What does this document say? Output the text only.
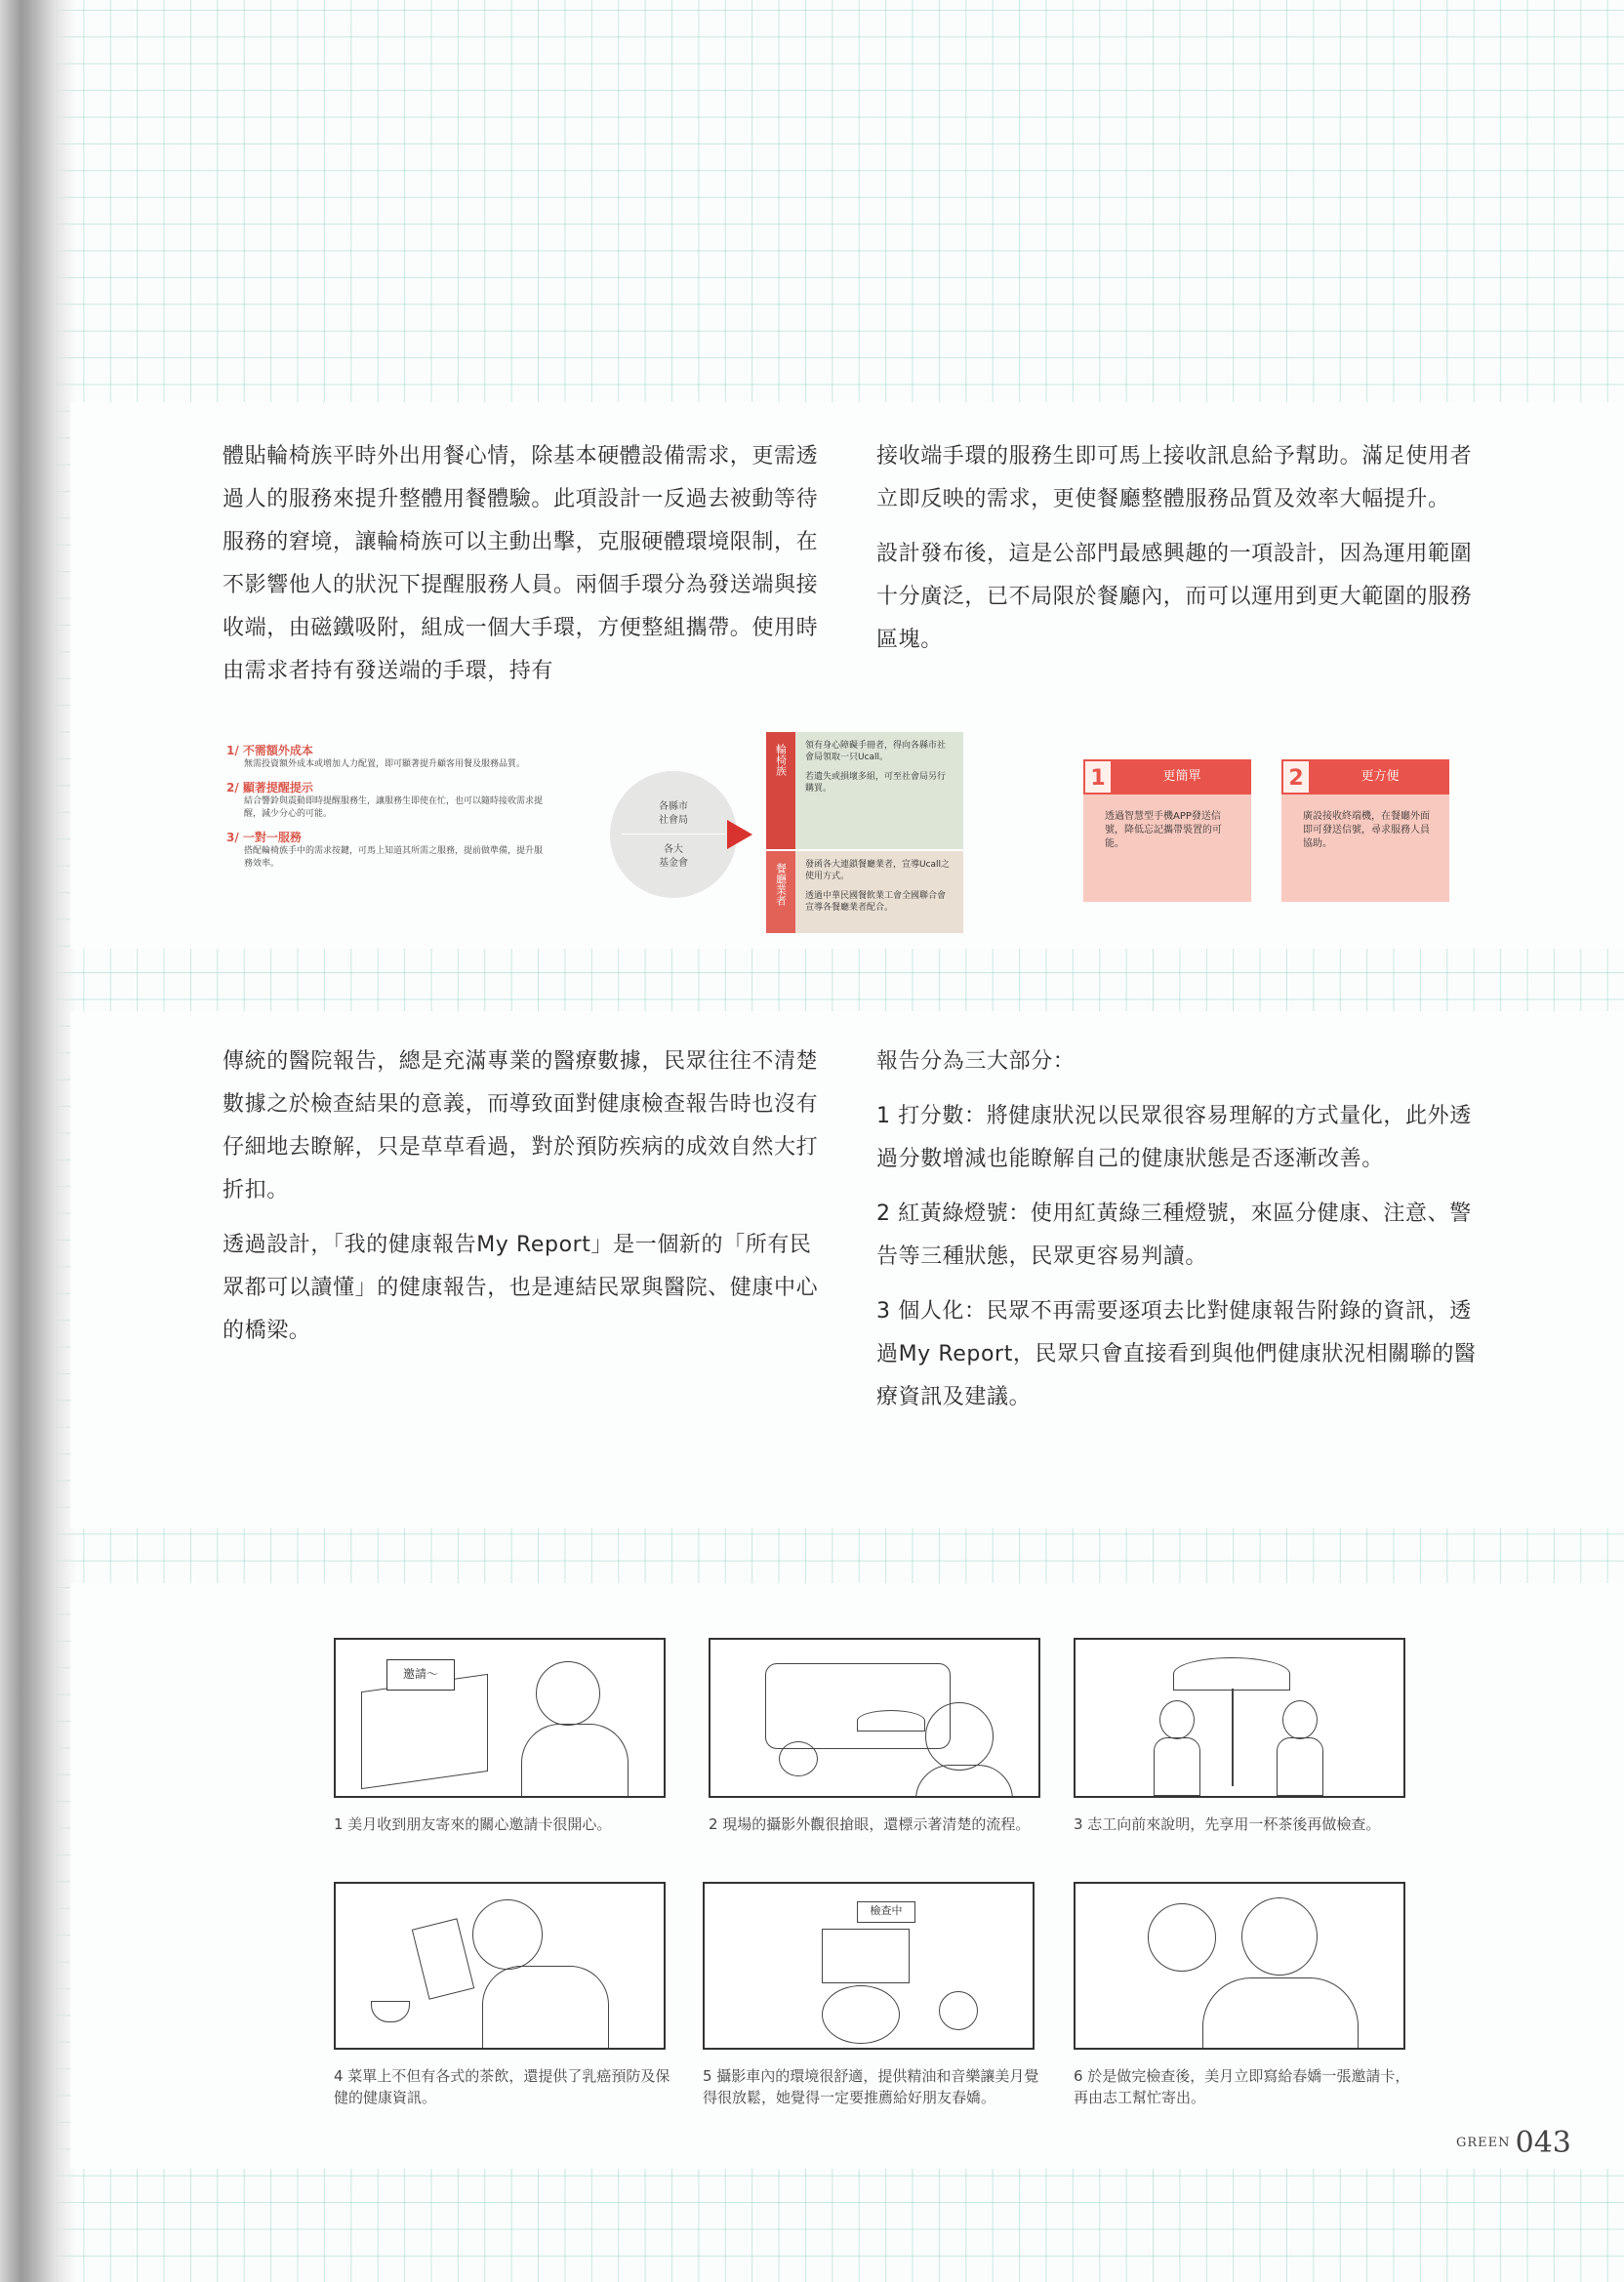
體貼輪椅族平時外出用餐心情，除基本硬體設備需求，更需透過人的服務來提升整體用餐體驗。此項設計一反過去被動等待服務的窘境，讓輪椅族可以主動出擊，克服硬體環境限制，在不影響他人的狀況下提醒服務人員。兩個手環分為發送端與接收端，由磁鐵吸附，組成一個大手環，方便整組攜帶。使用時由需求者持有發送端的手環，持有

接收端手環的服務生即可馬上接收訊息給予幫助。滿足使用者立即反映的需求，更使餐廳整體服務品質及效率大幅提升。

設計發布後，這是公部門最感興趣的一項設計，因為運用範圍十分廣泛，已不局限於餐廳內，而可以運用到更大範圍的服務區塊。

1/ 不需額外成本
無需投資額外成本或增加人力配置，即可顯著提升顧客用餐及服務品質。
2/ 顯著提醒提示
結合響鈴與震動即時提醒服務生，讓服務生即使在忙，也可以隨時接收需求提醒，減少分心的可能。
3/ 一對一服務
搭配輪椅族手中的需求按鍵，可馬上知道其所需之服務，提前做準備，提升服務效率。
各縣市
社會局
各大
基金會
輪椅族	領有身心障礙手冊者，得向各縣市社會局領取一只Ucall。
若遺失或損壞多組，可至社會局另行購買。
餐廳業者	發函各大連鎖餐廳業者，宣導Ucall之使用方式。
透過中華民國餐飲業工會全國聯合會宣導各餐廳業者配合。
1	更簡單
透過智慧型手機APP發送信號，降低忘記攜帶裝置的可能。
2	更方便
廣設接收終端機，在餐廳外面即可發送信號，尋求服務人員協助。

傳統的醫院報告，總是充滿專業的醫療數據，民眾往往不清楚數據之於檢查結果的意義，而導致面對健康檢查報告時也沒有仔細地去瞭解，只是草草看過，對於預防疾病的成效自然大打折扣。

透過設計，「我的健康報告My Report」是一個新的「所有民眾都可以讀懂」的健康報告，也是連結民眾與醫院、健康中心的橋梁。

報告分為三大部分：

1 打分數：將健康狀況以民眾很容易理解的方式量化，此外透過分數增減也能瞭解自己的健康狀態是否逐漸改善。

2 紅黃綠燈號：使用紅黃綠三種燈號，來區分健康、注意、警告等三種狀態，民眾更容易判讀。

3 個人化：民眾不再需要逐項去比對健康報告附錄的資訊，透過My Report，民眾只會直接看到與他們健康狀況相關聯的醫療資訊及建議。

邀請～
1 美月收到朋友寄來的關心邀請卡很開心。	2 現場的攝影外觀很搶眼，還標示著清楚的流程。	3 志工向前來說明，先享用一杯茶後再做檢查。
4 菜單上不但有各式的茶飲，還提供了乳癌預防及保健的健康資訊。
檢查中
5 攝影車內的環境很舒適，提供精油和音樂讓美月覺得很放鬆，她覺得一定要推薦給好朋友春嬌。
6 於是做完檢查後，美月立即寫給春嬌一張邀請卡，再由志工幫忙寄出。
$^{GREEN}$ 043
